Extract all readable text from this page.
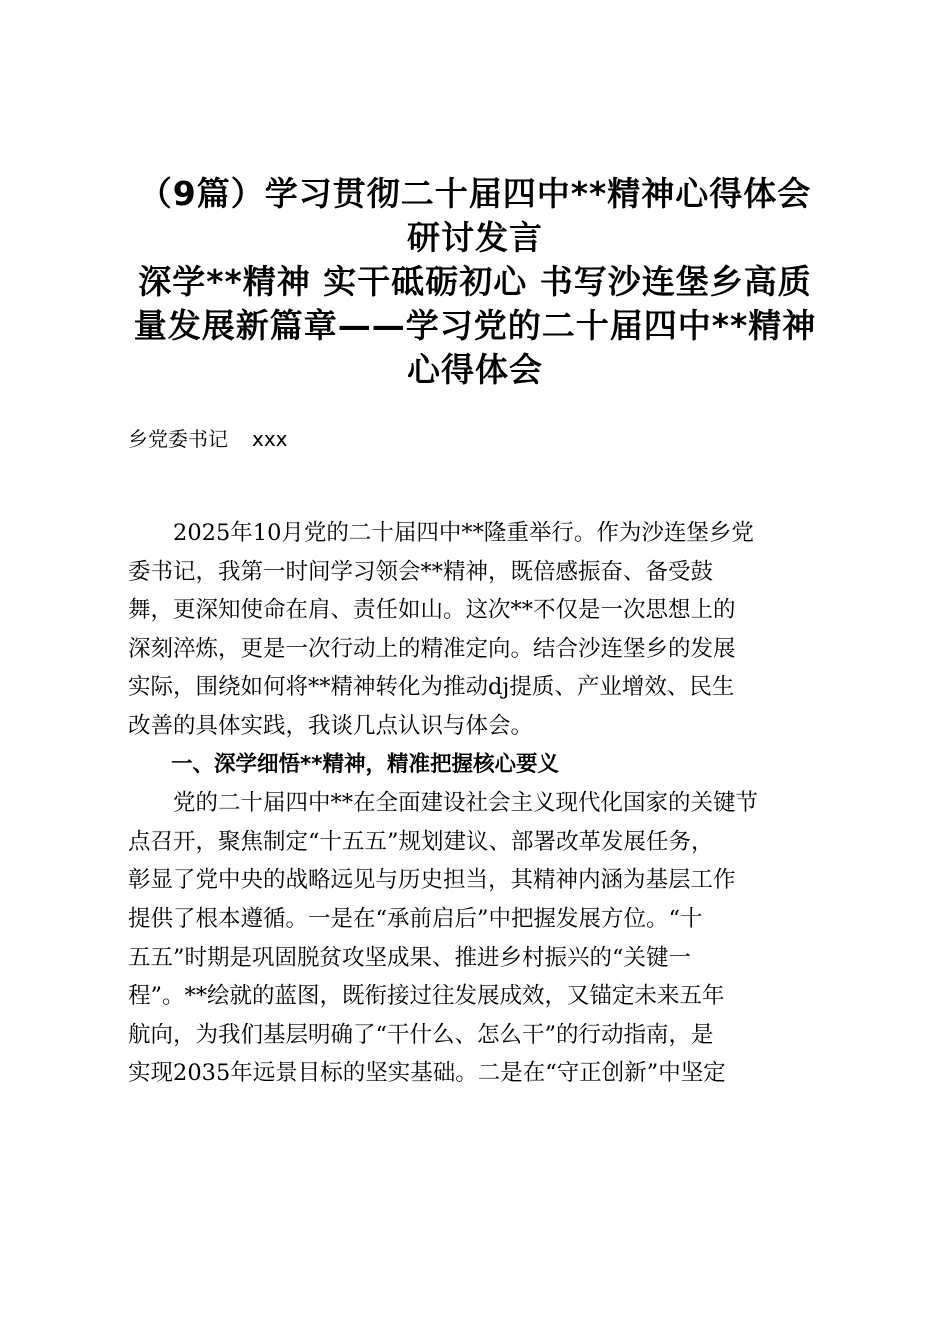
（9篇）学习贯彻二十届四中**精神心得体会
研讨发言
深学**精神 实干砥砺初心 书写沙连堡乡高质
量发展新篇章——学习党的二十届四中**精神
心得体会
乡党委书记 xxx
　　2025年10月党的二十届四中**隆重举行。作为沙连堡乡党
委书记，我第一时间学习领会**精神，既倍感振奋、备受鼓
舞，更深知使命在肩、责任如山。这次**不仅是一次思想上的
深刻淬炼，更是一次行动上的精准定向。结合沙连堡乡的发展
实际，围绕如何将**精神转化为推动dj提质、产业增效、民生
改善的具体实践，我谈几点认识与体会。
　　一、深学细悟**精神，精准把握核心要义
　　党的二十届四中**在全面建设社会主义现代化国家的关键节
点召开，聚焦制定“十五五”规划建议、部署改革发展任务，
彰显了党中央的战略远见与历史担当，其精神内涵为基层工作
提供了根本遵循。一是在“承前启后”中把握发展方位。“十
五五”时期是巩固脱贫攻坚成果、推进乡村振兴的“关键一
程”。**绘就的蓝图，既衔接过往发展成效，又锚定未来五年
航向，为我们基层明确了“干什么、怎么干”的行动指南，是
实现2035年远景目标的坚实基础。二是在“守正创新”中坚定
